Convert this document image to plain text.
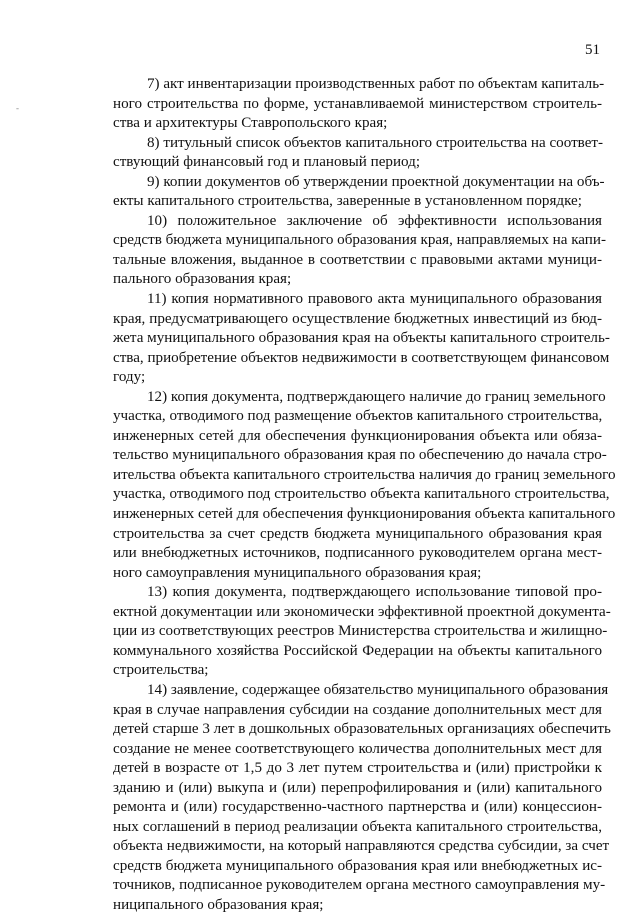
51
-
7) акт инвентаризации производственных работ по объектам капиталь-
ного строительства по форме, устанавливаемой министерством строитель-
ства и архитектуры Ставропольского края;
8) титульный список объектов капитального строительства на соответ-
ствующий финансовый год и плановый период;
9) копии документов об утверждении проектной документации на объ-
екты капитального строительства, заверенные в установленном порядке;
10) положительное заключение об эффективности использования
средств бюджета муниципального образования края, направляемых на капи-
тальные вложения, выданное в соответствии с правовыми актами муници-
пального образования края;
11) копия нормативного правового акта муниципального образования
края, предусматривающего осуществление бюджетных инвестиций из бюд-
жета муниципального образования края на объекты капитального строитель-
ства, приобретение объектов недвижимости в соответствующем финансовом
году;
12) копия документа, подтверждающего наличие до границ земельного
участка, отводимого под размещение объектов капитального строительства,
инженерных сетей для обеспечения функционирования объекта или обяза-
тельство муниципального образования края по обеспечению до начала стро-
ительства объекта капитального строительства наличия до границ земельного
участка, отводимого под строительство объекта капитального строительства,
инженерных сетей для обеспечения функционирования объекта капитального
строительства за счет средств бюджета муниципального образования края
или внебюджетных источников, подписанного руководителем органа мест-
ного самоуправления муниципального образования края;
13) копия документа, подтверждающего использование типовой про-
ектной документации или экономически эффективной проектной документа-
ции из соответствующих реестров Министерства строительства и жилищно-
коммунального хозяйства Российской Федерации на объекты капитального
строительства;
14) заявление, содержащее обязательство муниципального образования
края в случае направления субсидии на создание дополнительных мест для
детей старше 3 лет в дошкольных образовательных организациях обеспечить
создание не менее соответствующего количества дополнительных мест для
детей в возрасте от 1,5 до 3 лет путем строительства и (или) пристройки к
зданию и (или) выкупа и (или) перепрофилирования и (или) капитального
ремонта и (или) государственно-частного партнерства и (или) концессион-
ных соглашений в период реализации объекта капитального строительства,
объекта недвижимости, на который направляются средства субсидии, за счет
средств бюджета муниципального образования края или внебюджетных ис-
точников, подписанное руководителем органа местного самоуправления му-
ниципального образования края;
